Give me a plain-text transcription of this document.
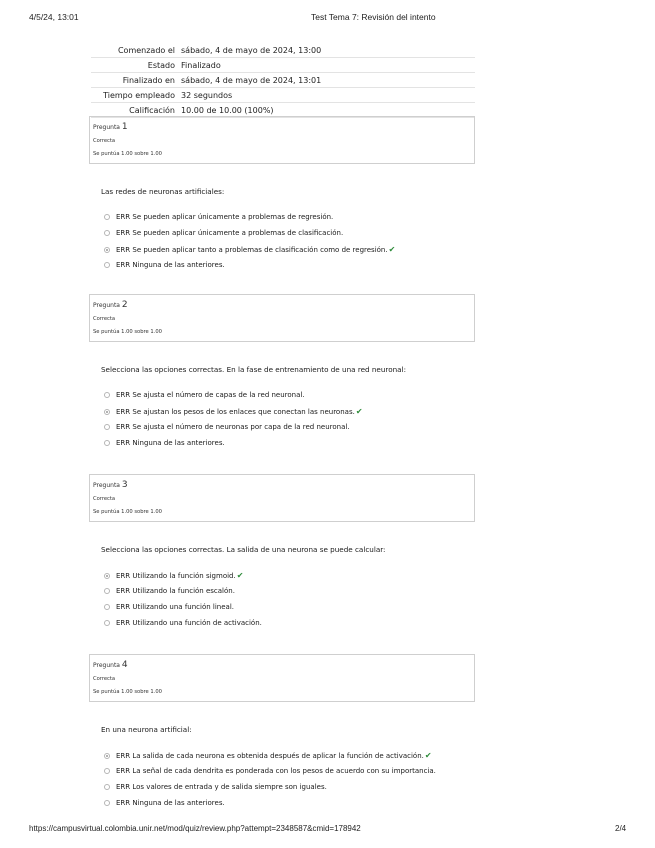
4/5/24, 13:01	Test Tema 7: Revisión del intento
Comenzado el	sábado, 4 de mayo de 2024, 13:00
Estado	Finalizado
Finalizado en	sábado, 4 de mayo de 2024, 13:01
Tiempo empleado	32 segundos
Calificación	10.00 de 10.00 (100%)
Pregunta 1
Correcta
Se puntúa 1.00 sobre 1.00
Las redes de neuronas artificiales:
ERR Se pueden aplicar únicamente a problemas de regresión.
ERR Se pueden aplicar únicamente a problemas de clasificación.
ERR Se pueden aplicar tanto a problemas de clasificación como de regresión. ✔
ERR Ninguna de las anteriores.
Pregunta 2
Correcta
Se puntúa 1.00 sobre 1.00
Selecciona las opciones correctas. En la fase de entrenamiento de una red neuronal:
ERR Se ajusta el número de capas de la red neuronal.
ERR Se ajustan los pesos de los enlaces que conectan las neuronas. ✔
ERR Se ajusta el número de neuronas por capa de la red neuronal.
ERR Ninguna de las anteriores.
Pregunta 3
Correcta
Se puntúa 1.00 sobre 1.00
Selecciona las opciones correctas. La salida de una neurona se puede calcular:
ERR Utilizando la función sigmoid. ✔
ERR Utilizando la función escalón.
ERR Utilizando una función lineal.
ERR Utilizando una función de activación.
Pregunta 4
Correcta
Se puntúa 1.00 sobre 1.00
En una neurona artificial:
ERR La salida de cada neurona es obtenida después de aplicar la función de activación. ✔
ERR La señal de cada dendrita es ponderada con los pesos de acuerdo con su importancia.
ERR Los valores de entrada y de salida siempre son iguales.
ERR Ninguna de las anteriores.
https://campusvirtual.colombia.unir.net/mod/quiz/review.php?attempt=2348587&cmid=178942	2/4
